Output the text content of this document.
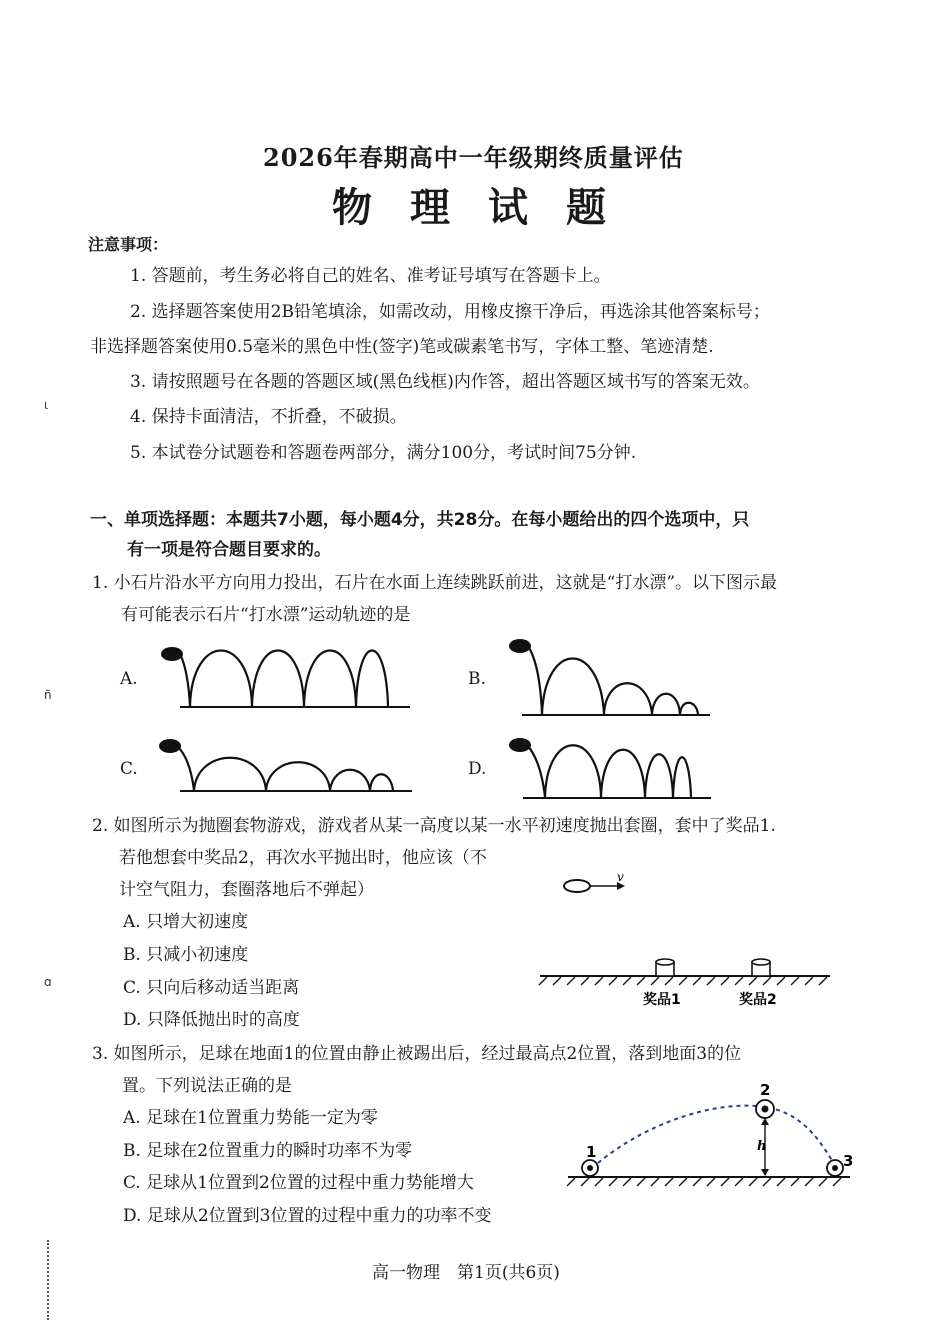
ɩ
ñ
ɑ
2026年春期高中一年级期终质量评估
物理试题
注意事项：
1. 答题前，考生务必将自己的姓名、准考证号填写在答题卡上。
2. 选择题答案使用2B铅笔填涂，如需改动，用橡皮擦干净后，再选涂其他答案标号；
非选择题答案使用0.5毫米的黑色中性(签字)笔或碳素笔书写，字体工整、笔迹清楚.
3. 请按照题号在各题的答题区域(黑色线框)内作答，超出答题区域书写的答案无效。
4. 保持卡面清洁，不折叠，不破损。
5. 本试卷分试题卷和答题卷两部分，满分100分，考试时间75分钟.
一、单项选择题：本题共7小题，每小题4分，共28分。在每小题给出的四个选项中，只
有一项是符合题目要求的。
1. 小石片沿水平方向用力投出，石片在水面上连续跳跃前进，这就是“打水漂”。以下图示最
有可能表示石片“打水漂”运动轨迹的是
A.	B.
C.	D.
2. 如图所示为抛圈套物游戏，游戏者从某一高度以某一水平初速度抛出套圈，套中了奖品1.
若他想套中奖品2，再次水平抛出时，他应该（不
计空气阻力，套圈落地后不弹起）
A. 只增大初速度
B. 只减小初速度
C. 只向后移动适当距离
D. 只降低抛出时的高度
v
奖品1	奖品2
3. 如图所示，足球在地面1的位置由静止被踢出后，经过最高点2位置，落到地面3的位
置。下列说法正确的是
A. 足球在1位置重力势能一定为零
B. 足球在2位置重力的瞬时功率不为零
C. 足球从1位置到2位置的过程中重力势能增大
D. 足球从2位置到3位置的过程中重力的功率不变
h
1
2
3
高一物理　第1页(共6页)
